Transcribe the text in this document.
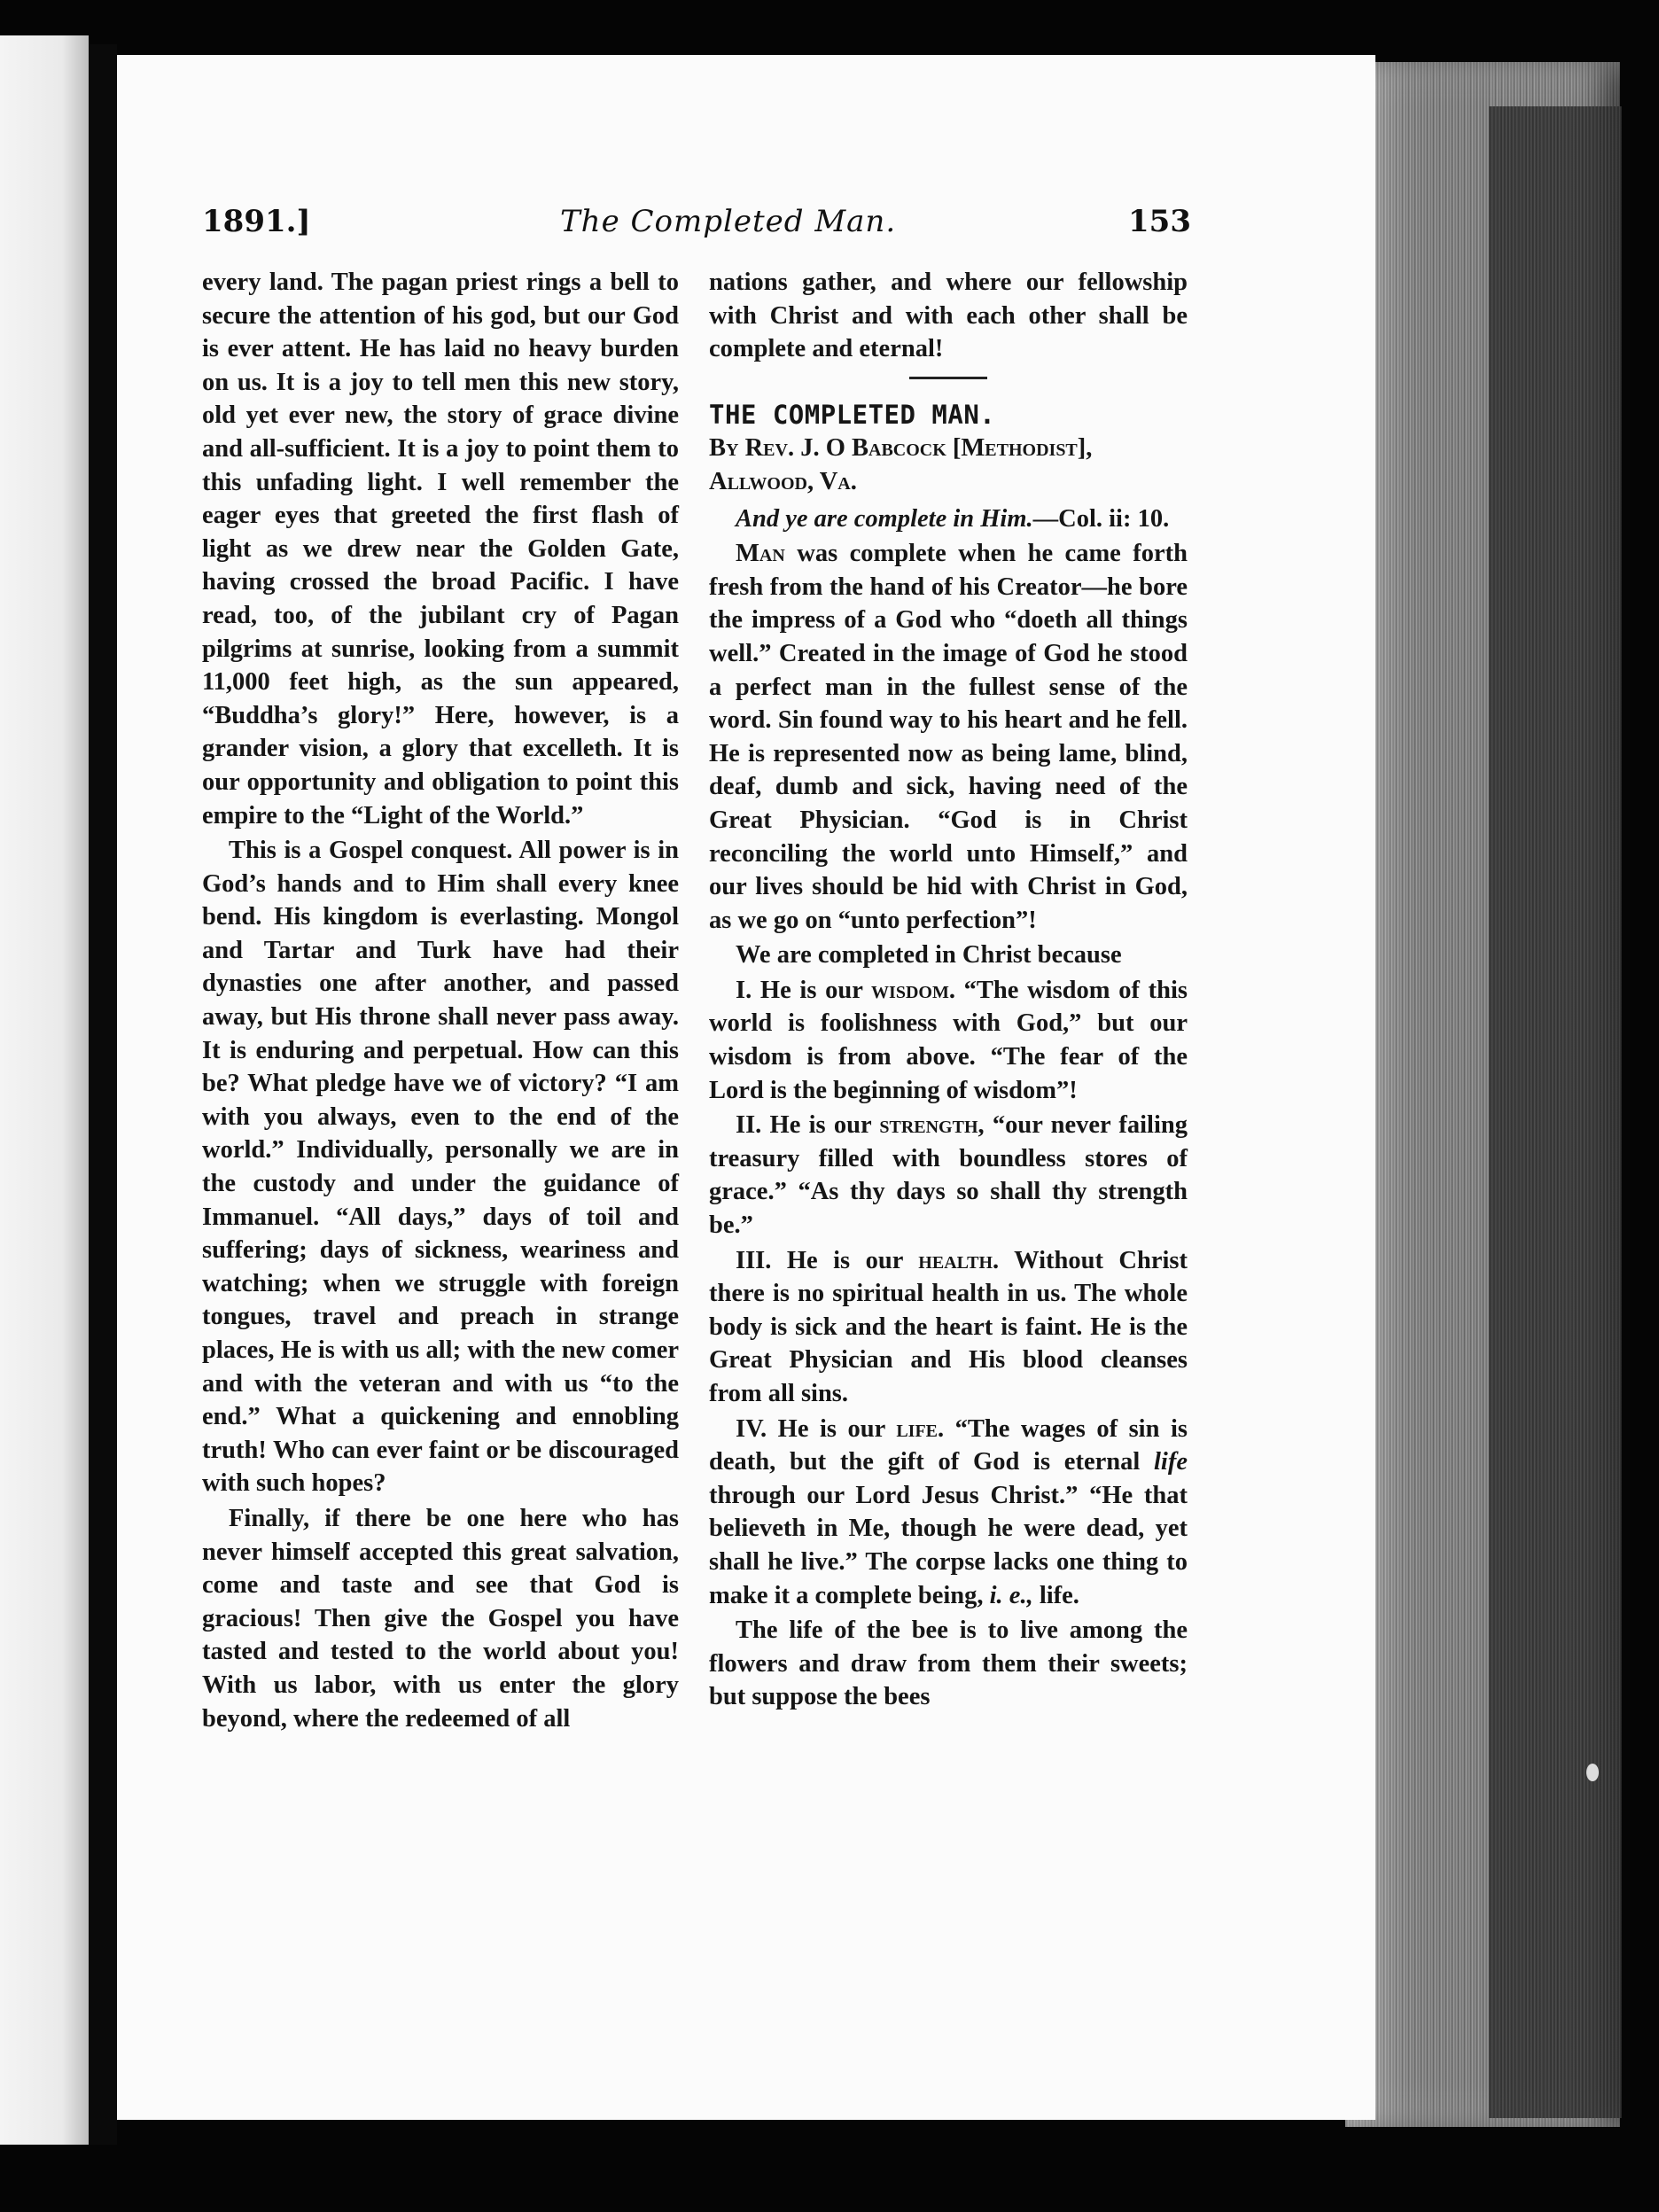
1891.]	The Completed Man.	153

every land. The pagan priest rings a bell to secure the attention of his god, but our God is ever attent. He has laid no heavy burden on us. It is a joy to tell men this new story, old yet ever new, the story of grace divine and all-sufficient. It is a joy to point them to this unfading light. I well remember the eager eyes that greeted the first flash of light as we drew near the Golden Gate, having crossed the broad Pacific. I have read, too, of the jubilant cry of Pagan pilgrims at sunrise, looking from a summit 11,000 feet high, as the sun appeared, “Buddha’s glory!” Here, however, is a grander vision, a glory that excelleth. It is our opportunity and obligation to point this empire to the “Light of the World.”

This is a Gospel conquest. All power is in God’s hands and to Him shall every knee bend. His kingdom is everlasting. Mongol and Tartar and Turk have had their dynasties one after another, and passed away, but His throne shall never pass away. It is enduring and perpetual. How can this be? What pledge have we of victory? “I am with you always, even to the end of the world.” Individually, personally we are in the custody and under the guidance of Immanuel. “All days,” days of toil and suffering; days of sickness, weariness and watching; when we struggle with foreign tongues, travel and preach in strange places, He is with us all; with the new comer and with the veteran and with us “to the end.” What a quickening and ennobling truth! Who can ever faint or be discouraged with such hopes?

Finally, if there be one here who has never himself accepted this great salvation, come and taste and see that God is gracious! Then give the Gospel you have tasted and tested to the world about you! With us labor, with us enter the glory beyond, where the redeemed of all

nations gather, and where our fellowship with Christ and with each other shall be complete and eternal!

THE COMPLETED MAN.

By Rev. J. O Babcock [Methodist],

Allwood, Va.

And ye are complete in Him.—Col. ii: 10.

Man was complete when he came forth fresh from the hand of his Creator—he bore the impress of a God who “doeth all things well.” Created in the image of God he stood a perfect man in the fullest sense of the word. Sin found way to his heart and he fell. He is represented now as being lame, blind, deaf, dumb and sick, having need of the Great Physician. “God is in Christ reconciling the world unto Himself,” and our lives should be hid with Christ in God, as we go on “unto perfection”!

We are completed in Christ because

I. He is our wisdom. “The wisdom of this world is foolishness with God,” but our wisdom is from above. “The fear of the Lord is the beginning of wisdom”!

II. He is our strength, “our never failing treasury filled with boundless stores of grace.” “As thy days so shall thy strength be.”

III. He is our health. Without Christ there is no spiritual health in us. The whole body is sick and the heart is faint. He is the Great Physician and His blood cleanses from all sins.

IV. He is our life. “The wages of sin is death, but the gift of God is eternal life through our Lord Jesus Christ.” “He that believeth in Me, though he were dead, yet shall he live.” The corpse lacks one thing to make it a complete being, i. e., life.

The life of the bee is to live among the flowers and draw from them their sweets; but suppose the bees
